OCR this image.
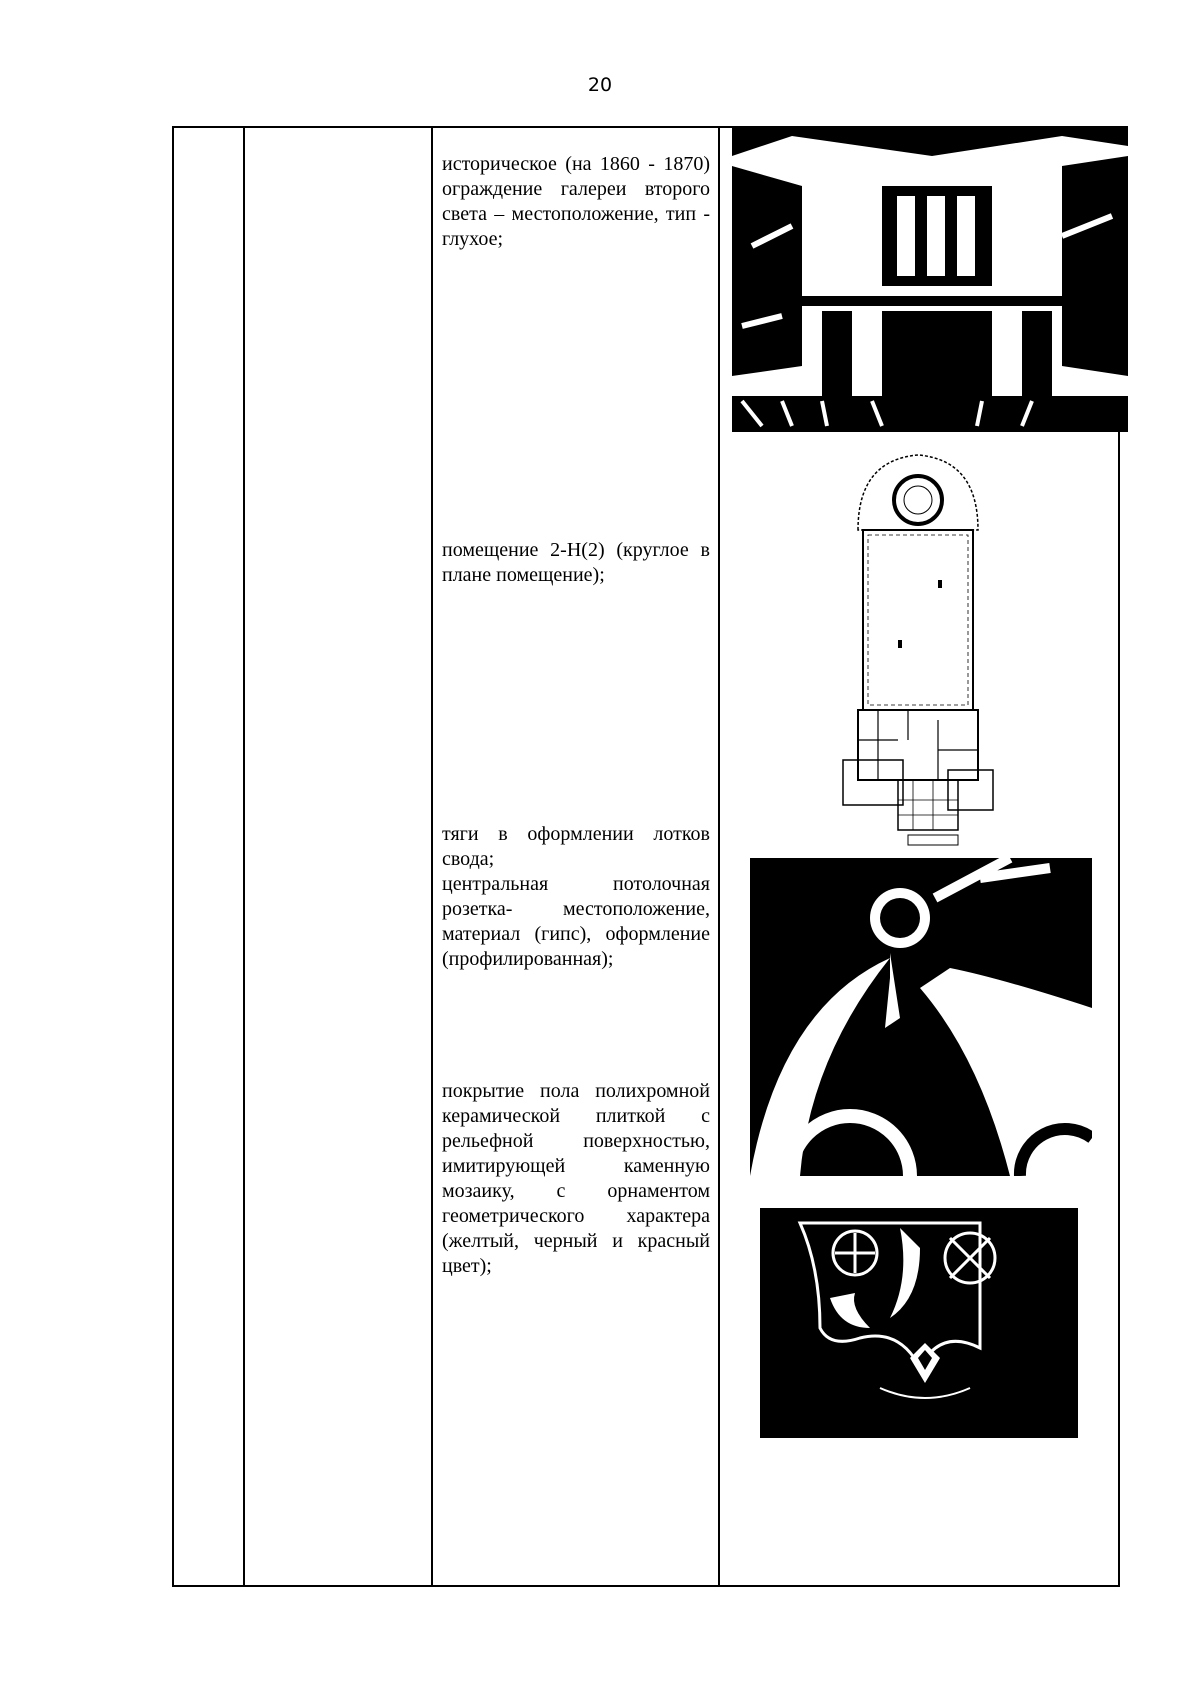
20
историческое (на 1860 - 1870) ограждение галереи второго света – местоположение, тип - глухое;
помещение 2-Н(2) (круглое в плане помещение);
тяги в оформлении лотков свода;
центральная потолочная розетка- местоположение, материал (гипс), оформление (профилированная);
покрытие пола полихромной керамической плиткой с рельефной поверхностью, имитирующей каменную мозаику, с орнаментом геометрического характера (желтый, черный и красный цвет);
